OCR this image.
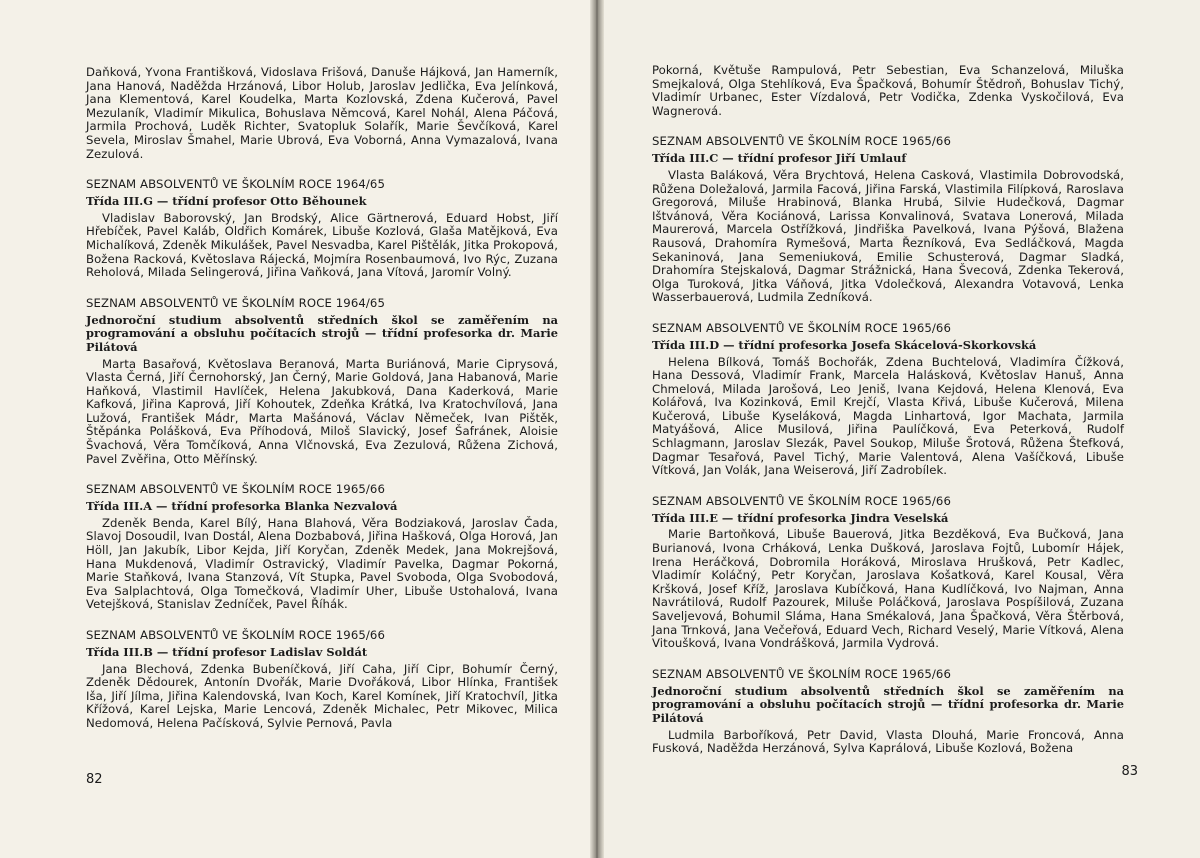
Daňková, Yvona Františková, Vidoslava Frišová, Danuše Hájková, Jan Hamerník, Jana Hanová, Naděžda Hrzánová, Libor Holub, Jaroslav Jedlička, Eva Jelínková, Jana Klementová, Karel Koudelka, Marta Kozlovská, Zdena Kučerová, Pavel Mezulaník, Vladimír Mikulica, Bohuslava Němcová, Karel Nohál, Alena Páčová, Jarmila Prochová, Luděk Richter, Svatopluk Solařík, Marie Ševčíková, Karel Sevela, Miroslav Šmahel, Marie Ubrová, Eva Voborná, Anna Vymazalová, Ivana Zezulová.

SEZNAM ABSOLVENTŮ VE ŠKOLNÍM ROCE 1964/65
Třída III.G — třídní profesor Otto Běhounek

Vladislav Baborovský, Jan Brodský, Alice Gärtnerová, Eduard Hobst, Jiří Hřebíček, Pavel Kaláb, Oldřich Komárek, Libuše Kozlová, Glaša Matějková, Eva Michalíková, Zdeněk Mikulášek, Pavel Nesvadba, Karel Pištělák, Jitka Prokopová, Božena Racková, Květoslava Rájecká, Mojmíra Rosenbaumová, Ivo Rýc, Zuzana Reholová, Milada Selingerová, Jiřina Vaňková, Jana Vítová, Jaromír Volný.

SEZNAM ABSOLVENTŮ VE ŠKOLNÍM ROCE 1964/65
Jednoroční studium absolventů středních škol se zaměřením na programování a obsluhu počítacích strojů — třídní profesorka dr. Marie Pilátová

Marta Basařová, Květoslava Beranová, Marta Buriánová, Marie Ciprysová, Vlasta Černá, Jiří Černohorský, Jan Černý, Marie Goldová, Jana Habanová, Marie Haňková, Vlastimil Havlíček, Helena Jakubková, Dana Kaderková, Marie Kafková, Jiřina Kaprová, Jiří Kohoutek, Zdeňka Krátká, Iva Kratochvílová, Jana Lužová, František Mádr, Marta Mašánová, Václav Němeček, Ivan Pištěk, Štěpánka Polášková, Eva Příhodová, Miloš Slavický, Josef Šafránek, Aloisie Švachová, Věra Tomčíková, Anna Vlčnovská, Eva Zezulová, Růžena Zichová, Pavel Zvěřina, Otto Měřínský.

SEZNAM ABSOLVENTŮ VE ŠKOLNÍM ROCE 1965/66
Třída III.A — třídní profesorka Blanka Nezvalová

Zdeněk Benda, Karel Bílý, Hana Blahová, Věra Bodziaková, Jaroslav Čada, Slavoj Dosoudil, Ivan Dostál, Alena Dozbabová, Jiřina Hašková, Olga Horová, Jan Höll, Jan Jakubík, Libor Kejda, Jiří Koryčan, Zdeněk Medek, Jana Mokrejšová, Hana Mukdenová, Vladimír Ostravický, Vladimír Pavelka, Dagmar Pokorná, Marie Staňková, Ivana Stanzová, Vít Stupka, Pavel Svoboda, Olga Svobodová, Eva Salplachtová, Olga Tomečková, Vladimír Uher, Libuše Ustohalová, Ivana Vetejšková, Stanislav Zedníček, Pavel Říhák.

SEZNAM ABSOLVENTŮ VE ŠKOLNÍM ROCE 1965/66
Třída III.B — třídní profesor Ladislav Soldát

Jana Blechová, Zdenka Bubeníčková, Jiří Caha, Jiří Cipr, Bohumír Černý, Zdeněk Dědourek, Antonín Dvořák, Marie Dvořáková, Libor Hlínka, František Iša, Jiří Jílma, Jiřina Kalendovská, Ivan Koch, Karel Komínek, Jiří Kratochvíl, Jitka Křížová, Karel Lejska, Marie Lencová, Zdeněk Michalec, Petr Mikovec, Milica Nedomová, Helena Pačísková, Sylvie Pernová, Pavla

82

Pokorná, Květuše Rampulová, Petr Sebestian, Eva Schanzelová, Miluška Smejkalová, Olga Stehlíková, Eva Špačková, Bohumír Štědroň, Bohuslav Tichý, Vladimír Urbanec, Ester Vízdalová, Petr Vodička, Zdenka Vyskočilová, Eva Wagnerová.

SEZNAM ABSOLVENTŮ VE ŠKOLNÍM ROCE 1965/66
Třída III.C — třídní profesor Jiří Umlauf

Vlasta Baláková, Věra Brychtová, Helena Casková, Vlastimila Dobrovodská, Růžena Doležalová, Jarmila Facová, Jiřina Farská, Vlastimila Filípková, Raroslava Gregorová, Miluše Hrabinová, Blanka Hrubá, Silvie Hudečková, Dagmar Ištvánová, Věra Kociánová, Larissa Konvalinová, Svatava Lonerová, Milada Maurerová, Marcela Ostřížková, Jindřiška Pavelková, Ivana Pýšová, Blažena Rausová, Drahomíra Rymešová, Marta Řezníková, Eva Sedláčková, Magda Sekaninová, Jana Semeniuková, Emilie Schusterová, Dagmar Sladká, Drahomíra Stejskalová, Dagmar Strážnická, Hana Švecová, Zdenka Tekerová, Olga Turoková, Jitka Váňová, Jitka Vdolečková, Alexandra Votavová, Lenka Wasserbauerová, Ludmila Zedníková.

SEZNAM ABSOLVENTŮ VE ŠKOLNÍM ROCE 1965/66
Třída III.D — třídní profesorka Josefa Skácelová-Skorkovská

Helena Bílková, Tomáš Bochořák, Zdena Buchtelová, Vladimíra Čížková, Hana Dessová, Vladimír Frank, Marcela Halásková, Květoslav Hanuš, Anna Chmelová, Milada Jarošová, Leo Jeniš, Ivana Kejdová, Helena Klenová, Eva Kolářová, Iva Kozinková, Emil Krejčí, Vlasta Křivá, Libuše Kučerová, Milena Kučerová, Libuše Kyseláková, Magda Linhartová, Igor Machata, Jarmila Matyášová, Alice Musilová, Jiřina Paulíčková, Eva Peterková, Rudolf Schlagmann, Jaroslav Slezák, Pavel Soukop, Miluše Šrotová, Růžena Štefková, Dagmar Tesařová, Pavel Tichý, Marie Valentová, Alena Vašíčková, Libuše Vítková, Jan Volák, Jana Weiserová, Jiří Zadrobílek.

SEZNAM ABSOLVENTŮ VE ŠKOLNÍM ROCE 1965/66
Třída III.E — třídní profesorka Jindra Veselská

Marie Bartoňková, Libuše Bauerová, Jitka Bezděková, Eva Bučková, Jana Burianová, Ivona Crháková, Lenka Dušková, Jaroslava Fojtů, Lubomír Hájek, Irena Heráčková, Dobromila Horáková, Miroslava Hrušková, Petr Kadlec, Vladimír Koláčný, Petr Koryčan, Jaroslava Košatková, Karel Kousal, Věra Kršková, Josef Kříž, Jaroslava Kubíčková, Hana Kudlíčková, Ivo Najman, Anna Navrátilová, Rudolf Pazourek, Miluše Poláčková, Jaroslava Pospíšilová, Zuzana Saveljevová, Bohumil Sláma, Hana Smékalová, Jana Špačková, Věra Štěrbová, Jana Trnková, Jana Večeřová, Eduard Vech, Richard Veselý, Marie Vítková, Alena Vitoušková, Ivana Vondrášková, Jarmila Vydrová.

SEZNAM ABSOLVENTŮ VE ŠKOLNÍM ROCE 1965/66
Jednoroční studium absolventů středních škol se zaměřením na programování a obsluhu počítacích strojů — třídní profesorka dr. Marie Pilátová

Ludmila Barboříková, Petr David, Vlasta Dlouhá, Marie Froncová, Anna Fusková, Naděžda Herzánová, Sylva Kaprálová, Libuše Kozlová, Božena

83
